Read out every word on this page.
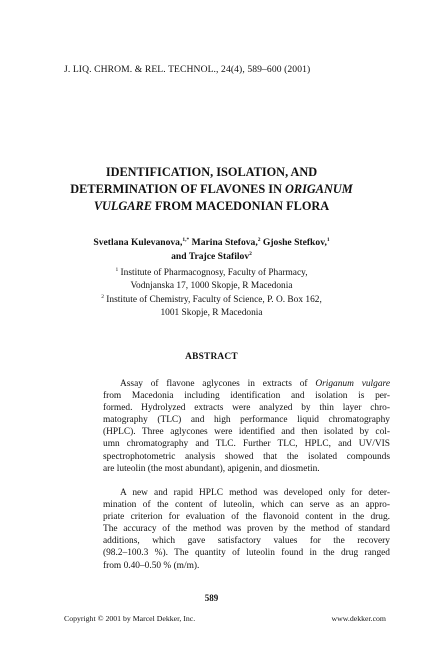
J. LIQ. CHROM. & REL. TECHNOL., 24(4), 589–600 (2001)
IDENTIFICATION, ISOLATION, AND
DETERMINATION OF FLAVONES IN ORIGANUM
VULGARE FROM MACEDONIAN FLORA
Svetlana Kulevanova,$^{1,*}$ Marina Stefova,$^2$ Gjoshe Stefkov,$^1$
and Trajce Stafilov$^2$
$^1$ Institute of Pharmacognosy, Faculty of Pharmacy,
Vodnjanska 17, 1000 Skopje, R Macedonia
$^2$ Institute of Chemistry, Faculty of Science, P. O. Box 162,
1001 Skopje, R Macedonia
ABSTRACT
Assay of flavone aglycones in extracts of Origanum vulgare
from Macedonia including identification and isolation is per-
formed. Hydrolyzed extracts were analyzed by thin layer chro-
matography (TLC) and high performance liquid chromatography
(HPLC). Three aglycones were identified and then isolated by col-
umn chromatography and TLC. Further TLC, HPLC, and UV/VIS
spectrophotometric analysis showed that the isolated compounds
are luteolin (the most abundant), apigenin, and diosmetin.
A new and rapid HPLC method was developed only for deter-
mination of the content of luteolin, which can serve as an appro-
priate criterion for evaluation of the flavonoid content in the drug.
The accuracy of the method was proven by the method of standard
additions, which gave satisfactory values for the recovery
(98.2–100.3 %). The quantity of luteolin found in the drug ranged
from 0.40–0.50 % (m/m).
589
Copyright © 2001 by Marcel Dekker, Inc.	www.dekker.com
